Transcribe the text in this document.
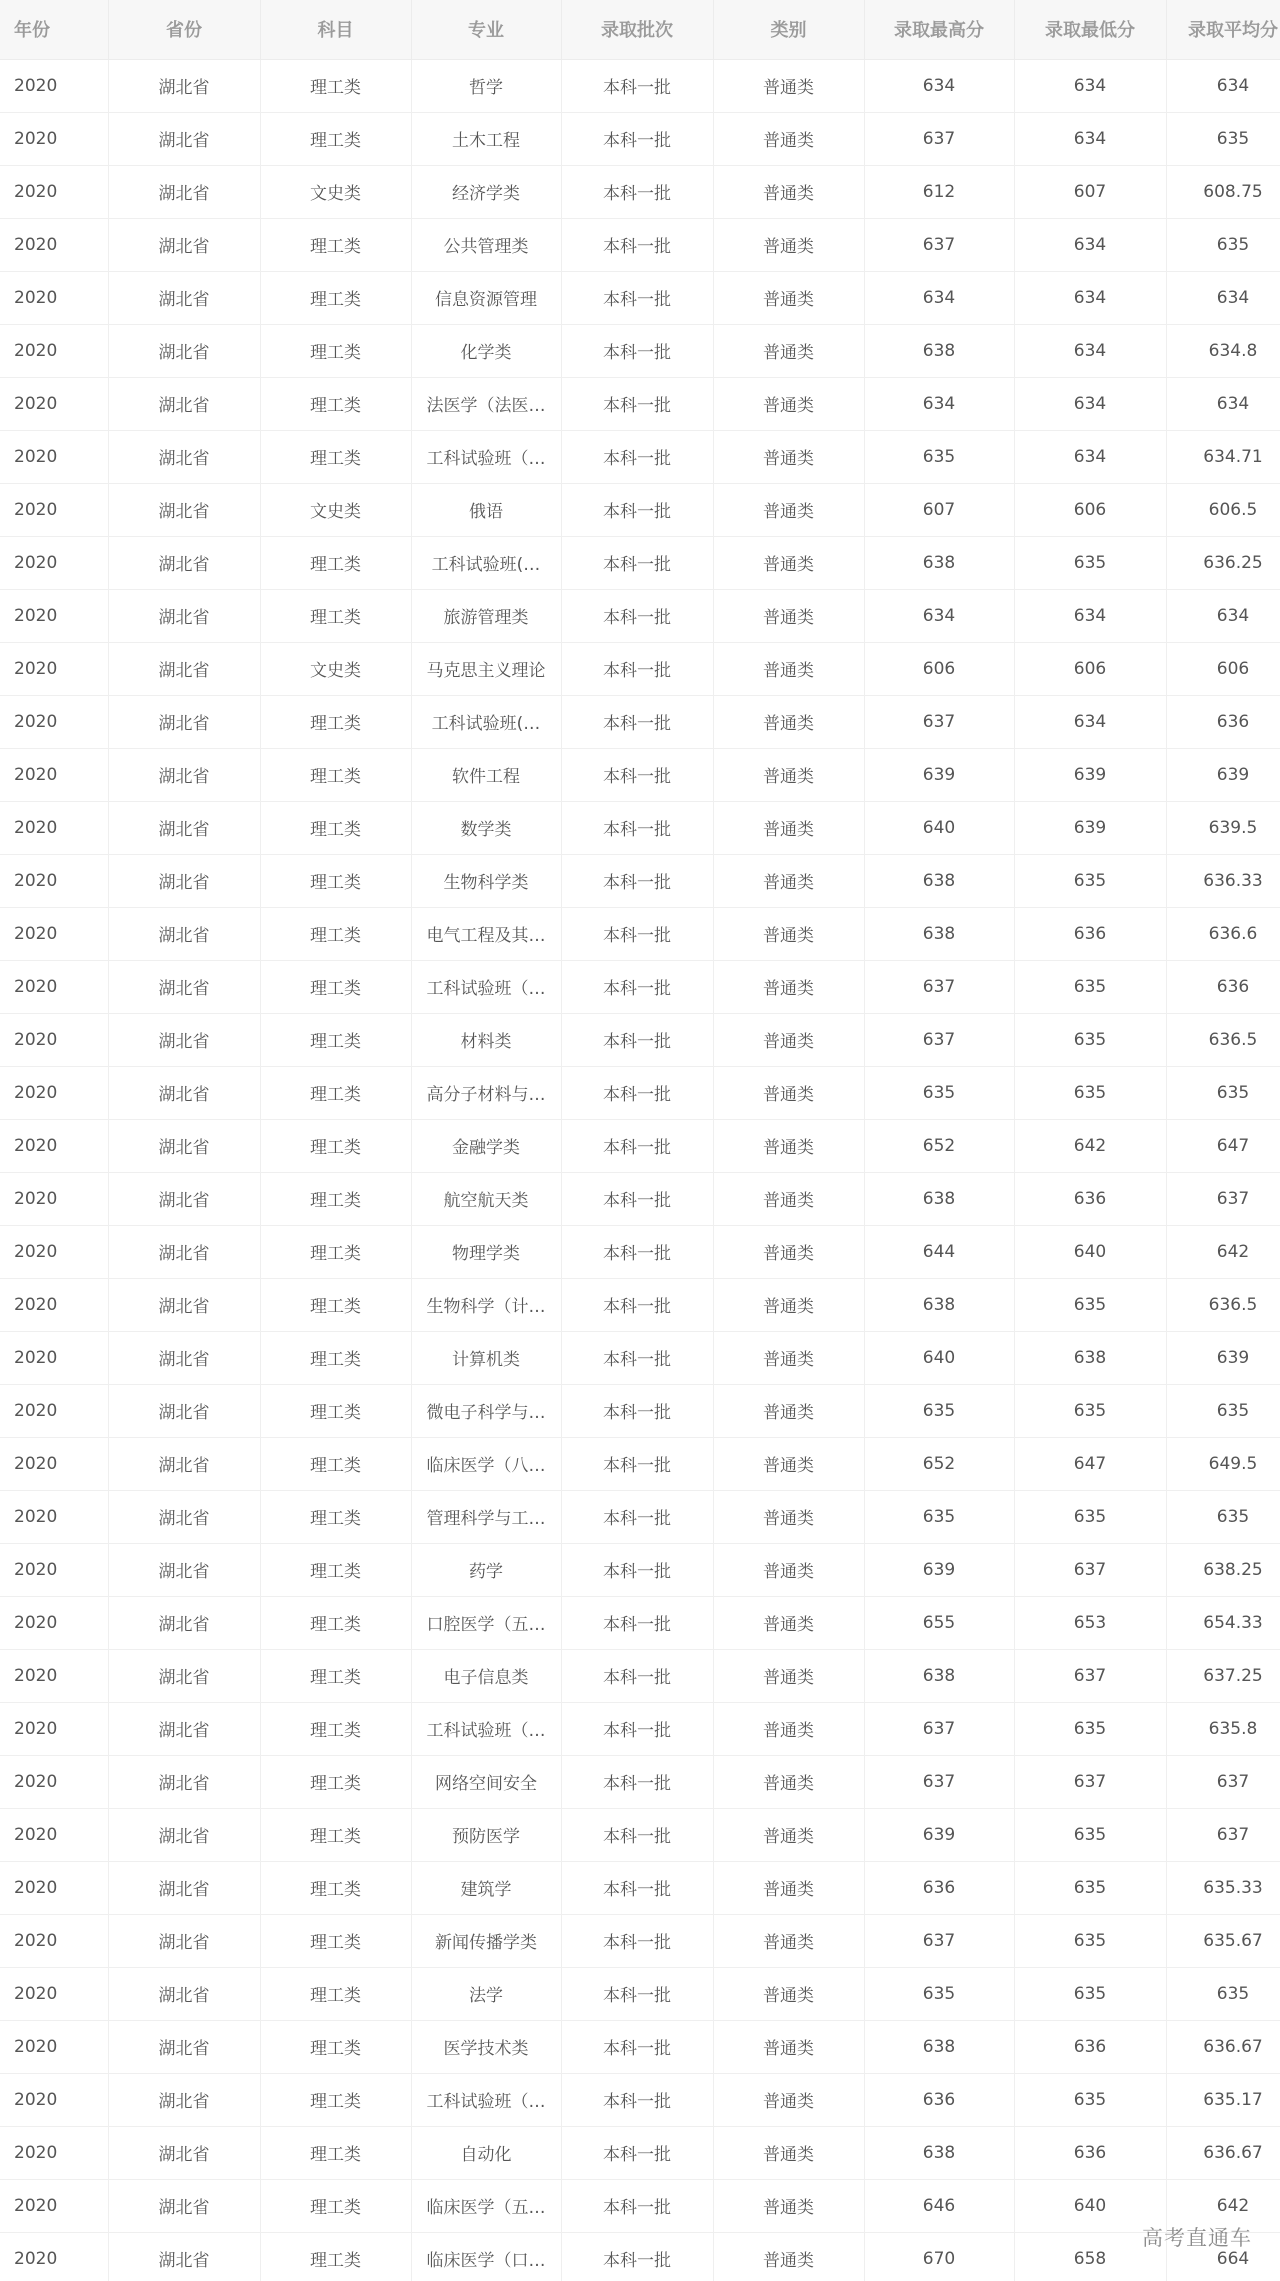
年份	省份	科目	专业	录取批次	类别	录取最高分	录取最低分	录取平均分
2020	湖北省	理工类	哲学	本科一批	普通类	634	634	634
2020	湖北省	理工类	土木工程	本科一批	普通类	637	634	635
2020	湖北省	文史类	经济学类	本科一批	普通类	612	607	608.75
2020	湖北省	理工类	公共管理类	本科一批	普通类	637	634	635
2020	湖北省	理工类	信息资源管理	本科一批	普通类	634	634	634
2020	湖北省	理工类	化学类	本科一批	普通类	638	634	634.8
2020	湖北省	理工类	法医学（法医…	本科一批	普通类	634	634	634
2020	湖北省	理工类	工科试验班（…	本科一批	普通类	635	634	634.71
2020	湖北省	文史类	俄语	本科一批	普通类	607	606	606.5
2020	湖北省	理工类	工科试验班(…	本科一批	普通类	638	635	636.25
2020	湖北省	理工类	旅游管理类	本科一批	普通类	634	634	634
2020	湖北省	文史类	马克思主义理论	本科一批	普通类	606	606	606
2020	湖北省	理工类	工科试验班(…	本科一批	普通类	637	634	636
2020	湖北省	理工类	软件工程	本科一批	普通类	639	639	639
2020	湖北省	理工类	数学类	本科一批	普通类	640	639	639.5
2020	湖北省	理工类	生物科学类	本科一批	普通类	638	635	636.33
2020	湖北省	理工类	电气工程及其…	本科一批	普通类	638	636	636.6
2020	湖北省	理工类	工科试验班（…	本科一批	普通类	637	635	636
2020	湖北省	理工类	材料类	本科一批	普通类	637	635	636.5
2020	湖北省	理工类	高分子材料与…	本科一批	普通类	635	635	635
2020	湖北省	理工类	金融学类	本科一批	普通类	652	642	647
2020	湖北省	理工类	航空航天类	本科一批	普通类	638	636	637
2020	湖北省	理工类	物理学类	本科一批	普通类	644	640	642
2020	湖北省	理工类	生物科学（计…	本科一批	普通类	638	635	636.5
2020	湖北省	理工类	计算机类	本科一批	普通类	640	638	639
2020	湖北省	理工类	微电子科学与…	本科一批	普通类	635	635	635
2020	湖北省	理工类	临床医学（八…	本科一批	普通类	652	647	649.5
2020	湖北省	理工类	管理科学与工…	本科一批	普通类	635	635	635
2020	湖北省	理工类	药学	本科一批	普通类	639	637	638.25
2020	湖北省	理工类	口腔医学（五…	本科一批	普通类	655	653	654.33
2020	湖北省	理工类	电子信息类	本科一批	普通类	638	637	637.25
2020	湖北省	理工类	工科试验班（…	本科一批	普通类	637	635	635.8
2020	湖北省	理工类	网络空间安全	本科一批	普通类	637	637	637
2020	湖北省	理工类	预防医学	本科一批	普通类	639	635	637
2020	湖北省	理工类	建筑学	本科一批	普通类	636	635	635.33
2020	湖北省	理工类	新闻传播学类	本科一批	普通类	637	635	635.67
2020	湖北省	理工类	法学	本科一批	普通类	635	635	635
2020	湖北省	理工类	医学技术类	本科一批	普通类	638	636	636.67
2020	湖北省	理工类	工科试验班（…	本科一批	普通类	636	635	635.17
2020	湖北省	理工类	自动化	本科一批	普通类	638	636	636.67
2020	湖北省	理工类	临床医学（五…	本科一批	普通类	646	640	642
2020	湖北省	理工类	临床医学（口…	本科一批	普通类	670	658	664
高考直通车
